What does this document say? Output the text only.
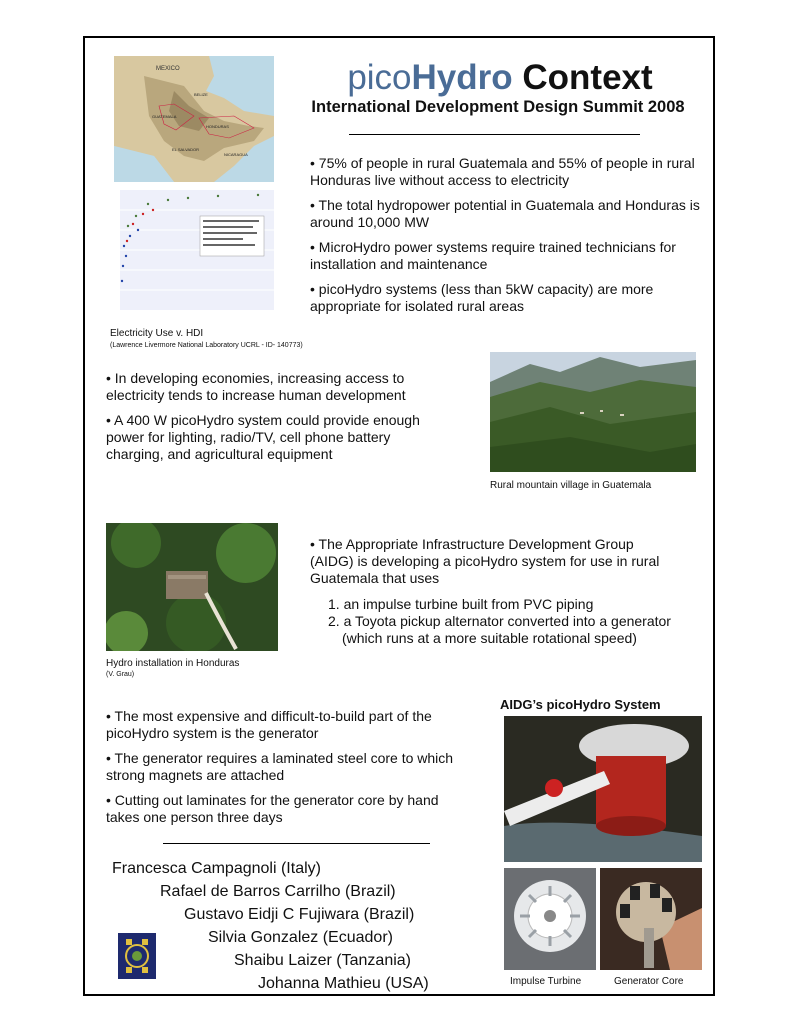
MEXICO
GUATEMALA
HONDURAS
EL SALVADOR
NICARAGUA
BELIZE
Electricity Use v. HDI
(Lawrence Livermore National Laboratory UCRL - ID- 140773)
picoHydro Context
International Development Design Summit 2008
• 75% of people in rural Guatemala and 55% of people in rural Honduras live without access to electricity
• The total hydropower potential in Guatemala and Honduras is around 10,000 MW
• MicroHydro power systems require trained technicians for installation and maintenance
• picoHydro systems (less than 5kW capacity) are more appropriate for isolated rural areas
• In developing economies, increasing access to electricity tends to increase human development
• A 400 W picoHydro system could provide enough power for lighting, radio/TV, cell phone battery charging, and agricultural equipment
Rural mountain village in Guatemala
Hydro installation in Honduras
(V. Grau)
• The Appropriate Infrastructure Development Group (AIDG) is developing a picoHydro system for use in rural Guatemala that uses
1. an impulse turbine built from PVC piping
2. a Toyota pickup alternator converted into a generator
(which runs at a more suitable rotational speed)
AIDG’s picoHydro System
Impulse Turbine	Generator Core
• The most expensive and difficult-to-build part of the picoHydro system is the generator
• The generator requires a laminated steel core to which strong magnets are attached
• Cutting out laminates for the generator core by hand takes one person three days
Francesca Campagnoli (Italy)
Rafael de Barros Carrilho (Brazil)
Gustavo Eidji C Fujiwara (Brazil)
Silvia Gonzalez (Ecuador)
Shaibu Laizer (Tanzania)
Johanna Mathieu (USA)
